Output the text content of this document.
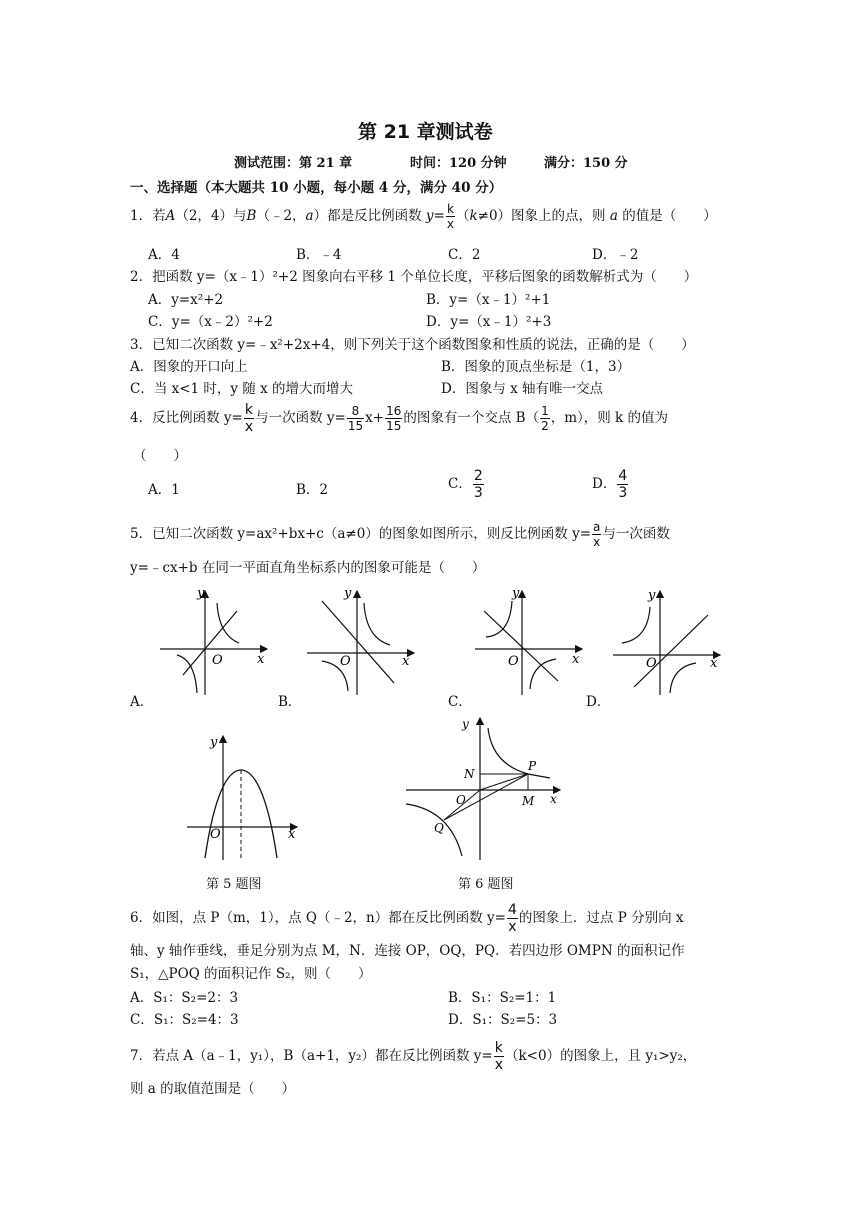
第 21 章测试卷
测试范围：第 21 章	时间：120 分钟	满分：150 分
一、选择题（本大题共 10 小题，每小题 4 分，满分 40 分）
1．若A（2，4）与B（﹣2，a）都是反比例函数 $y= \frac{k}{x} (k\ne 0)$图象上的点，则 a 的值是（　　）
A．4	B．﹣4	C．2	D．﹣2
2．把函数 y=（x﹣1）²+2 图象向右平移 1 个单位长度，平移后图象的函数解析式为（　　）
A．y=x²+2	B．y=（x﹣1）²+1
C．y=（x﹣2）²+2	D．y=（x﹣1）²+3
3．已知二次函数 y=﹣x²+2x+4，则下列关于这个函数图象和性质的说法，正确的是（　　）
A．图象的开口向上	B．图象的顶点坐标是（1，3）
C．当 x<1 时，y 随 x 的增大而增大	D．图象与 x 轴有唯一交点
4．反比例函数 $y= \frac{k}{x}$ 与一次函数 $y= \frac{8}{15} x+ \frac{16}{15}$ 的图象有一个交点 $B( \frac{1}{2}$ ，m），则 k 的值为
（　　）
A．1	B．2	C． $\frac{2}{3}$	D． $\frac{4}{3}$
5．已知二次函数 y=ax²+bx+c（a≠0）的图象如图所示，则反比例函数 $y= \frac{a}{x}$ 与一次函数
y=﹣cx+b 在同一平面直角坐标系内的图象可能是（　　）
y
x
O
A．
y
x
O
B．
y
x
O
C．
y
x
O
D．
y
x
O
第 5 题图
y
x
O
P
N
M
Q
第 6 题图
6．如图，点 P（m，1），点 Q（﹣2，n）都在反比例函数 $y= \frac{4}{x}$ 的图象上．过点 P 分别向 x
轴、y 轴作垂线，垂足分别为点 M，N．连接 OP，OQ，PQ．若四边形 OMPN 的面积记作
S₁，△POQ 的面积记作 S₂，则（　　）
A．S₁：S₂=2：3	B．S₁：S₂=1：1
C．S₁：S₂=4：3	D．S₁：S₂=5：3
7．若点 A（a﹣1，y₁），B（a+1，y₂）都在反比例函数 $y= \frac{k}{x} (k<0)$的图象上，且 y₁>y₂，
则 a 的取值范围是（　　）
